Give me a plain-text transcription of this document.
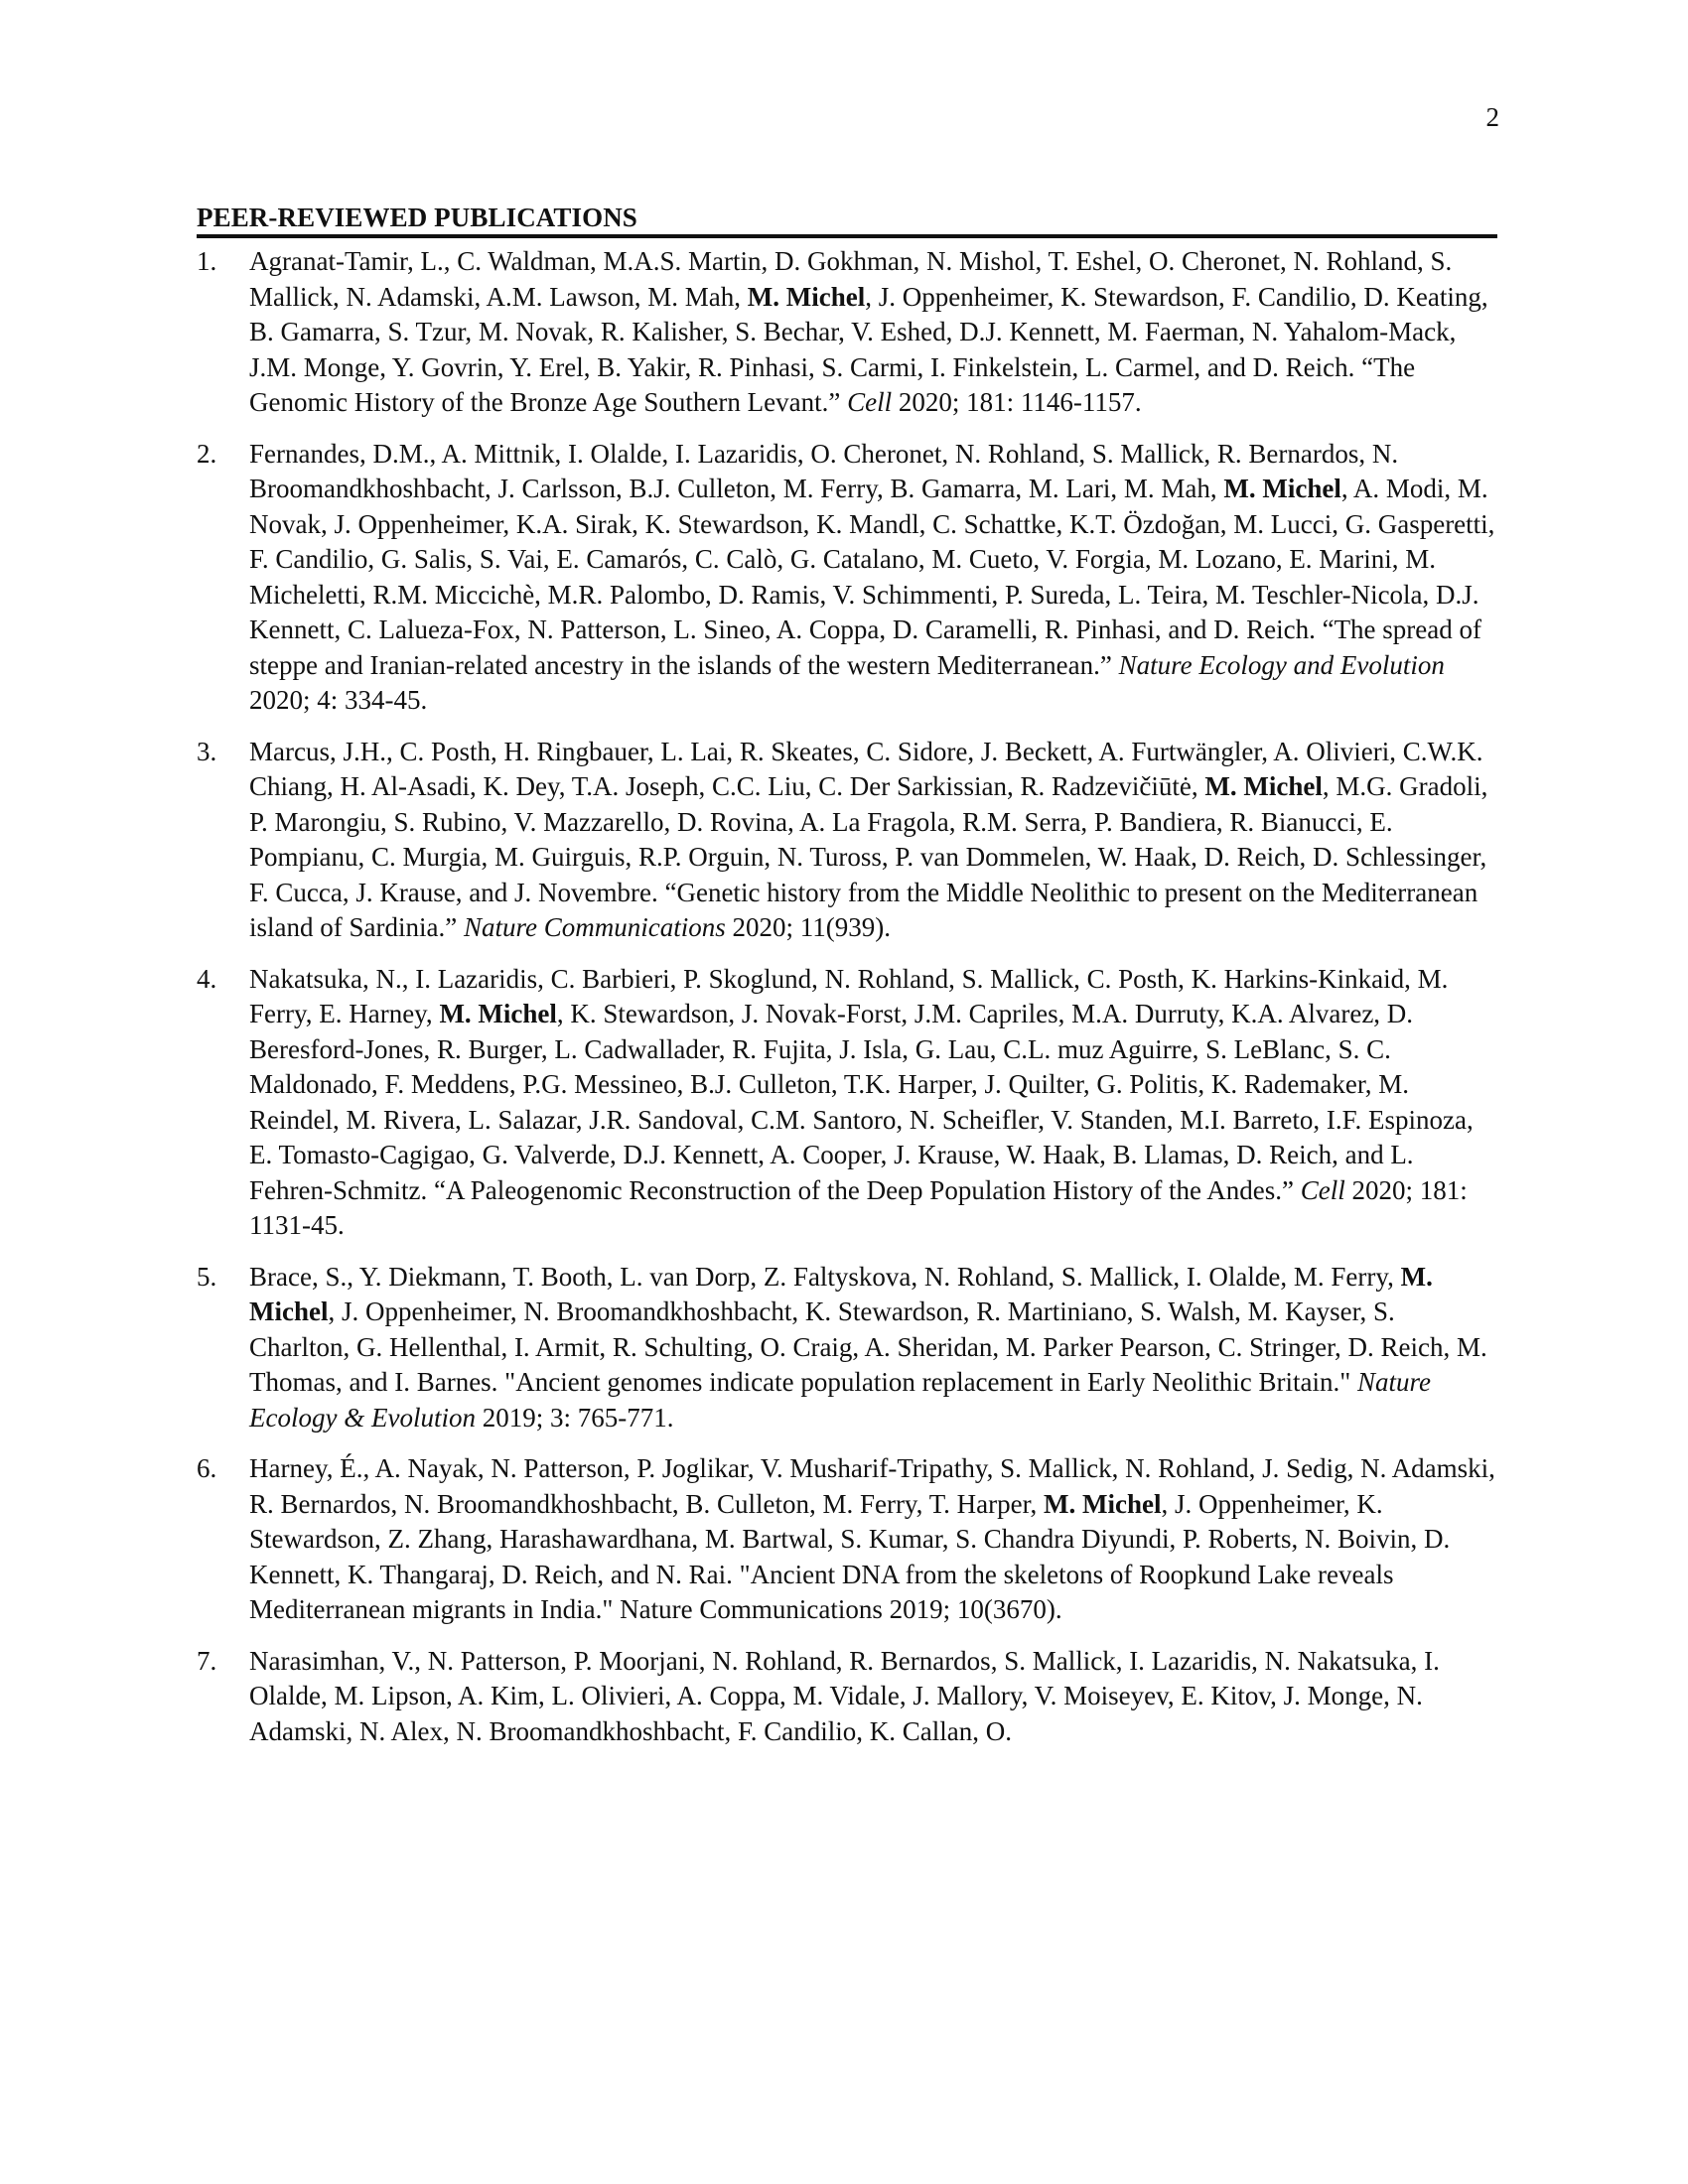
2
PEER-REVIEWED PUBLICATIONS
1. Agranat-Tamir, L., C. Waldman, M.A.S. Martin, D. Gokhman, N. Mishol, T. Eshel, O. Cheronet, N. Rohland, S. Mallick, N. Adamski, A.M. Lawson, M. Mah, M. Michel, J. Oppenheimer, K. Stewardson, F. Candilio, D. Keating, B. Gamarra, S. Tzur, M. Novak, R. Kalisher, S. Bechar, V. Eshed, D.J. Kennett, M. Faerman, N. Yahalom-Mack, J.M. Monge, Y. Govrin, Y. Erel, B. Yakir, R. Pinhasi, S. Carmi, I. Finkelstein, L. Carmel, and D. Reich. “The Genomic History of the Bronze Age Southern Levant.” Cell 2020; 181: 1146-1157.
2. Fernandes, D.M., A. Mittnik, I. Olalde, I. Lazaridis, O. Cheronet, N. Rohland, S. Mallick, R. Bernardos, N. Broomandkhoshbacht, J. Carlsson, B.J. Culleton, M. Ferry, B. Gamarra, M. Lari, M. Mah, M. Michel, A. Modi, M. Novak, J. Oppenheimer, K.A. Sirak, K. Stewardson, K. Mandl, C. Schattke, K.T. Özdoğan, M. Lucci, G. Gasperetti, F. Candilio, G. Salis, S. Vai, E. Camarós, C. Calò, G. Catalano, M. Cueto, V. Forgia, M. Lozano, E. Marini, M. Micheletti, R.M. Miccichè, M.R. Palombo, D. Ramis, V. Schimmenti, P. Sureda, L. Teira, M. Teschler-Nicola, D.J. Kennett, C. Lalueza-Fox, N. Patterson, L. Sineo, A. Coppa, D. Caramelli, R. Pinhasi, and D. Reich. “The spread of steppe and Iranian-related ancestry in the islands of the western Mediterranean.” Nature Ecology and Evolution 2020; 4: 334-45.
3. Marcus, J.H., C. Posth, H. Ringbauer, L. Lai, R. Skeates, C. Sidore, J. Beckett, A. Furtwängler, A. Olivieri, C.W.K. Chiang, H. Al-Asadi, K. Dey, T.A. Joseph, C.C. Liu, C. Der Sarkissian, R. Radzevičiūtė, M. Michel, M.G. Gradoli, P. Marongiu, S. Rubino, V. Mazzarello, D. Rovina, A. La Fragola, R.M. Serra, P. Bandiera, R. Bianucci, E. Pompianu, C. Murgia, M. Guirguis, R.P. Orguin, N. Tuross, P. van Dommelen, W. Haak, D. Reich, D. Schlessinger, F. Cucca, J. Krause, and J. Novembre. “Genetic history from the Middle Neolithic to present on the Mediterranean island of Sardinia.” Nature Communications 2020; 11(939).
4. Nakatsuka, N., I. Lazaridis, C. Barbieri, P. Skoglund, N. Rohland, S. Mallick, C. Posth, K. Harkins-Kinkaid, M. Ferry, E. Harney, M. Michel, K. Stewardson, J. Novak-Forst, J.M. Capriles, M.A. Durruty, K.A. Alvarez, D. Beresford-Jones, R. Burger, L. Cadwallader, R. Fujita, J. Isla, G. Lau, C.L. muz Aguirre, S. LeBlanc, S. C. Maldonado, F. Meddens, P.G. Messineo, B.J. Culleton, T.K. Harper, J. Quilter, G. Politis, K. Rademaker, M. Reindel, M. Rivera, L. Salazar, J.R. Sandoval, C.M. Santoro, N. Scheifler, V. Standen, M.I. Barreto, I.F. Espinoza, E. Tomasto-Cagigao, G. Valverde, D.J. Kennett, A. Cooper, J. Krause, W. Haak, B. Llamas, D. Reich, and L. Fehren-Schmitz. “A Paleogenomic Reconstruction of the Deep Population History of the Andes.” Cell 2020; 181: 1131-45.
5. Brace, S., Y. Diekmann, T. Booth, L. van Dorp, Z. Faltyskova, N. Rohland, S. Mallick, I. Olalde, M. Ferry, M. Michel, J. Oppenheimer, N. Broomandkhoshbacht, K. Stewardson, R. Martiniano, S. Walsh, M. Kayser, S. Charlton, G. Hellenthal, I. Armit, R. Schulting, O. Craig, A. Sheridan, M. Parker Pearson, C. Stringer, D. Reich, M. Thomas, and I. Barnes. "Ancient genomes indicate population replacement in Early Neolithic Britain." Nature Ecology & Evolution 2019; 3: 765-771.
6. Harney, É., A. Nayak, N. Patterson, P. Joglikar, V. Musharif-Tripathy, S. Mallick, N. Rohland, J. Sedig, N. Adamski, R. Bernardos, N. Broomandkhoshbacht, B. Culleton, M. Ferry, T. Harper, M. Michel, J. Oppenheimer, K. Stewardson, Z. Zhang, Harashawardhana, M. Bartwal, S. Kumar, S. Chandra Diyundi, P. Roberts, N. Boivin, D. Kennett, K. Thangaraj, D. Reich, and N. Rai. "Ancient DNA from the skeletons of Roopkund Lake reveals Mediterranean migrants in India." Nature Communications 2019; 10(3670).
7. Narasimhan, V., N. Patterson, P. Moorjani, N. Rohland, R. Bernardos, S. Mallick, I. Lazaridis, N. Nakatsuka, I. Olalde, M. Lipson, A. Kim, L. Olivieri, A. Coppa, M. Vidale, J. Mallory, V. Moiseyev, E. Kitov, J. Monge, N. Adamski, N. Alex, N. Broomandkhoshbacht, F. Candilio, K. Callan, O.
